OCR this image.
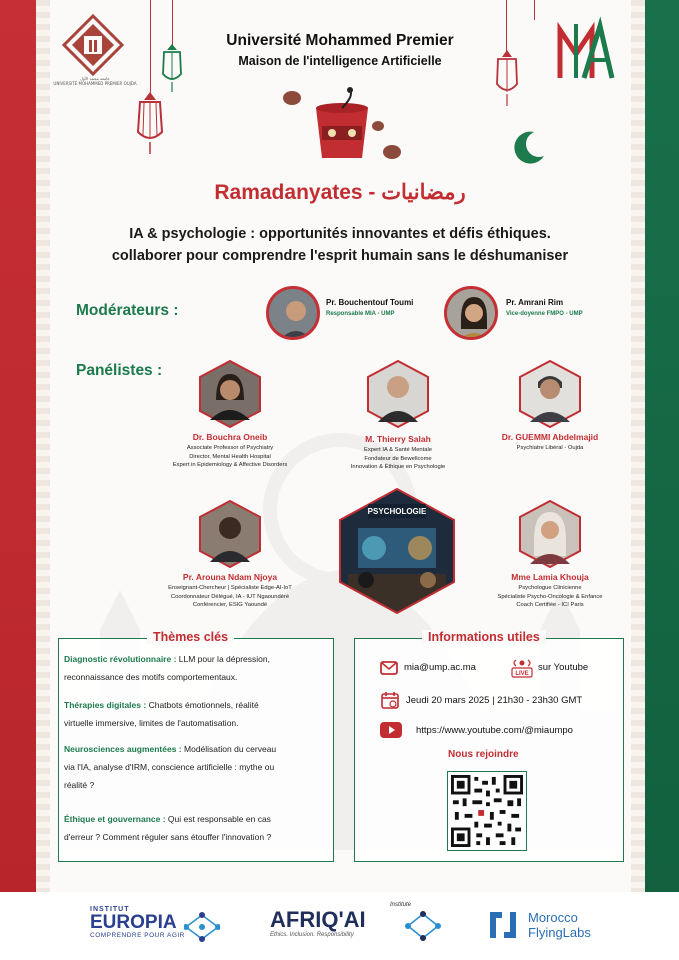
جامعة محمد الأول
UNIVERSITÉ MOHAMMED PREMIER OUJDA
Université Mohammed Premier
Maison de l'intelligence Artificielle
Ramadanyates - رمضانيات
IA & psychologie : opportunités innovantes et défis éthiques.
collaborer pour comprendre l'esprit humain sans le déshumaniser
Modérateurs :	Pr. Bouchentouf Toumi
Responsable MIA - UMP
Pr. Amrani Rim
Vice-doyenne FMPO - UMP
Panélistes :
Dr. Bouchra Oneib
Associate Professor of Psychiatry
Director, Mental Health Hospital
Expert in Epidemiology & Affective Disorders
M. Thierry Salah
Expert IA & Santé Mentale
Fondateur de Bewellcome
Innovation & Éthique en Psychologie
Dr. GUEMMI Abdelmajid
Psychiatre Libéral - Oujda
PSYCHOLOGIE
Pr. Arouna Ndam Njoya
Enseignant-Chercheur | Spécialiste Edge-AI-IoT
Coordonnateur Délégué, IA - IUT Ngaoundéré
Conférencier, ESIG Yaoundé
Mme Lamia Khouja
Psychologue Clinicienne
Spécialiste Psycho-Oncologie & Enfance
Coach Certifiée - ICI Paris
Thèmes clés
Diagnostic révolutionnaire : LLM pour la dépression,
reconnaissance des motifs comportementaux.
Thérapies digitales : Chatbots émotionnels, réalité
virtuelle immersive, limites de l'automatisation.
Neurosciences augmentées : Modélisation du cerveau
via l'IA, analyse d'IRM, conscience artificielle : mythe ou
réalité ?
Éthique et gouvernance : Qui est responsable en cas
d'erreur ? Comment réguler sans étouffer l'innovation ?
Informations utiles
mia@ump.ac.ma
LIVE
sur Youtube
Jeudi 20 mars 2025 | 21h30 - 23h30 GMT
https://www.youtube.com/@miaumpo
Nous rejoindre
INSTITUT
EUROPIA
COMPRENDRE POUR AGIR
Institute
AFRIQ'AI
Ethics. Inclusion. Responsibility
Morocco
FlyingLabs
